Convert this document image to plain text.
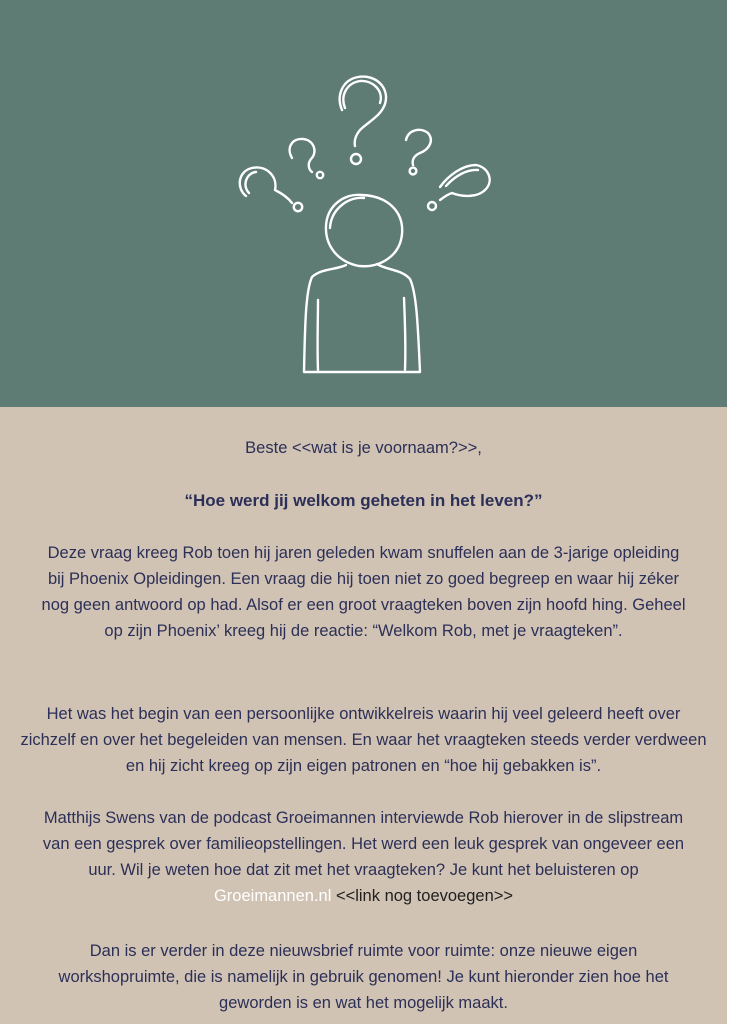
Beste <<wat is je voornaam?>>,

“Hoe werd jij welkom geheten in het leven?”

Deze vraag kreeg Rob toen hij jaren geleden kwam snuffelen aan de 3-jarige opleiding bij Phoenix Opleidingen. Een vraag die hij toen niet zo goed begreep en waar hij zéker nog geen antwoord op had. Alsof er een groot vraagteken boven zijn hoofd hing. Geheel op zijn Phoenix’ kreeg hij de reactie: “Welkom Rob, met je vraagteken”.

Het was het begin van een persoonlijke ontwikkelreis waarin hij veel geleerd heeft over zichzelf en over het begeleiden van mensen. En waar het vraagteken steeds verder verdween en hij zicht kreeg op zijn eigen patronen en “hoe hij gebakken is”.

Matthijs Swens van de podcast Groeimannen interviewde Rob hierover in de slipstream van een gesprek over familieopstellingen. Het werd een leuk gesprek van ongeveer een uur. Wil je weten hoe dat zit met het vraagteken? Je kunt het beluisteren op Groeimannen.nl <<link nog toevoegen>>

Dan is er verder in deze nieuwsbrief ruimte voor ruimte: onze nieuwe eigen workshopruimte, die is namelijk in gebruik genomen! Je kunt hieronder zien hoe het geworden is en wat het mogelijk maakt.
